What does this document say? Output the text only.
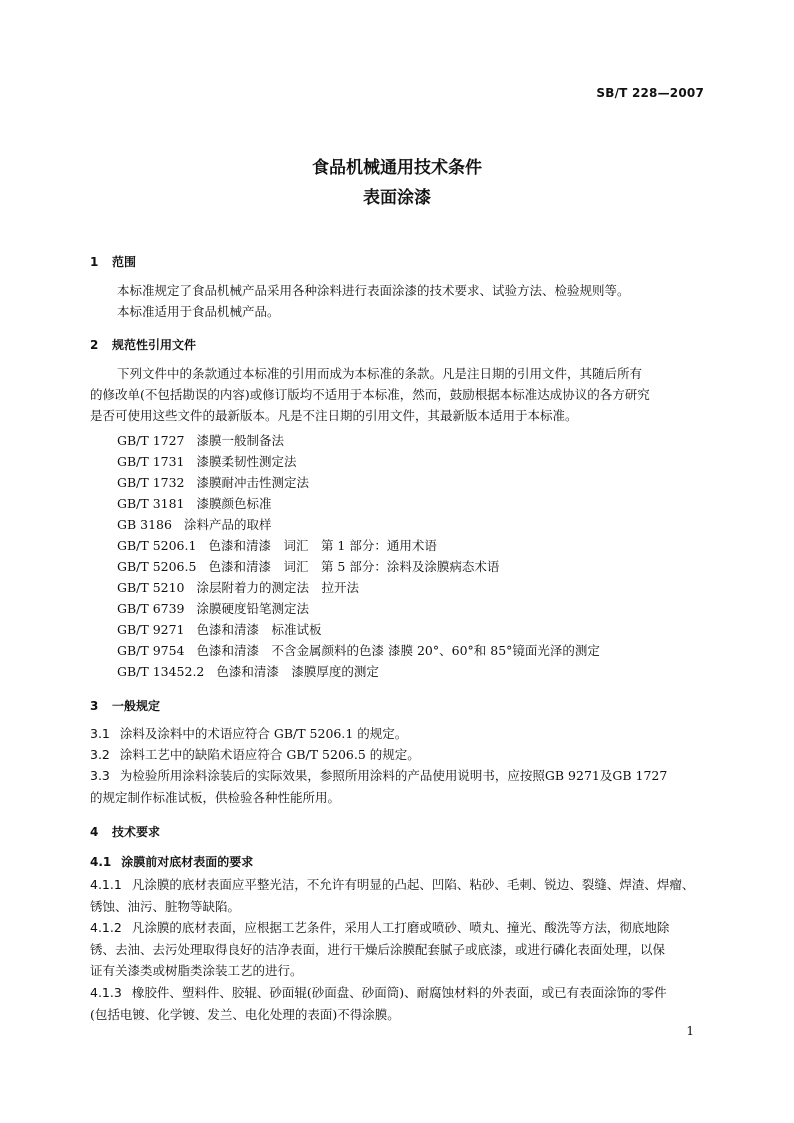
SB/T 228—2007
食品机械通用技术条件
表面涂漆
1 范围
本标准规定了食品机械产品采用各种涂料进行表面涂漆的技术要求、试验方法、检验规则等。
本标准适用于食品机械产品。
2 规范性引用文件
下列文件中的条款通过本标准的引用而成为本标准的条款。凡是注日期的引用文件，其随后所有
的修改单(不包括勘误的内容)或修订版均不适用于本标准，然而，鼓励根据本标准达成协议的各方研究
是否可使用这些文件的最新版本。凡是不注日期的引用文件，其最新版本适用于本标准。
GB/T 1727 漆膜一般制备法
GB/T 1731 漆膜柔韧性测定法
GB/T 1732 漆膜耐冲击性测定法
GB/T 3181 漆膜颜色标准
GB 3186 涂料产品的取样
GB/T 5206.1 色漆和清漆　词汇　第 1 部分：通用术语
GB/T 5206.5 色漆和清漆　词汇　第 5 部分：涂料及涂膜病态术语
GB/T 5210 涂层附着力的测定法　拉开法
GB/T 6739 涂膜硬度铅笔测定法
GB/T 9271 色漆和清漆　标准试板
GB/T 9754 色漆和清漆　不含金属颜料的色漆 漆膜 20°、60°和 85°镜面光泽的测定
GB/T 13452.2 色漆和清漆　漆膜厚度的测定
3 一般规定
3.1 涂料及涂料中的术语应符合 GB/T 5206.1 的规定。
3.2 涂料工艺中的缺陷术语应符合 GB/T 5206.5 的规定。
3.3 为检验所用涂料涂装后的实际效果，参照所用涂料的产品使用说明书，应按照GB 9271及GB 1727
的规定制作标准试板，供检验各种性能所用。
4 技术要求
4.1 涂膜前对底材表面的要求
4.1.1 凡涂膜的底材表面应平整光洁，不允许有明显的凸起、凹陷、粘砂、毛刺、锐边、裂缝、焊渣、焊瘤、
锈蚀、油污、脏物等缺陷。
4.1.2 凡涂膜的底材表面，应根据工艺条件，采用人工打磨或喷砂、喷丸、撞光、酸洗等方法，彻底地除
锈、去油、去污处理取得良好的洁净表面，进行干燥后涂膜配套腻子或底漆，或进行磷化表面处理，以保
证有关漆类或树脂类涂装工艺的进行。
4.1.3 橡胶件、塑料件、胶辊、砂面辊(砂面盘、砂面筒)、耐腐蚀材料的外表面，或已有表面涂饰的零件
(包括电镀、化学镀、发兰、电化处理的表面)不得涂膜。
1
